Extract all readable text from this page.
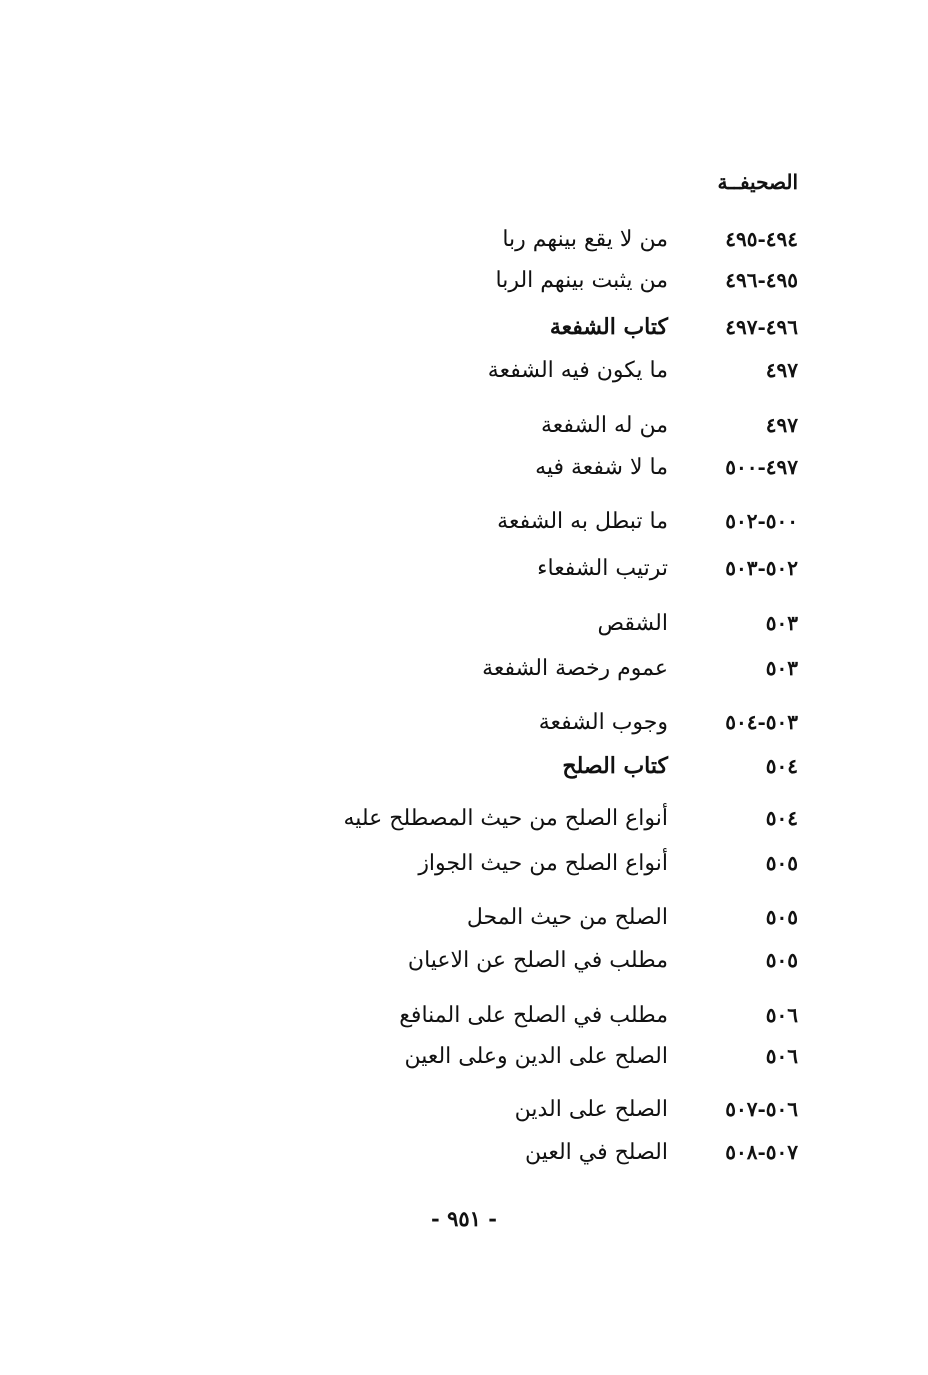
الصحيفــة
٤٩٤-٤٩٥
من لا يقع بينهم ربا
٤٩٥-٤٩٦
من يثبت بينهم الربا
٤٩٦-٤٩٧
كتاب الشفعة
٤٩٧
ما يكون فيه الشفعة
٤٩٧
من له الشفعة
٤٩٧-٥٠٠
ما لا شفعة فيه
٥٠٠-٥٠٢
ما تبطل به الشفعة
٥٠٢-٥٠٣
ترتيب الشفعاء
٥٠٣
الشقص
٥٠٣
عموم رخصة الشفعة
٥٠٣-٥٠٤
وجوب الشفعة
٥٠٤
كتاب الصلح
٥٠٤
أنواع الصلح من حيث المصطلح عليه
٥٠٥
أنواع الصلح من حيث الجواز
٥٠٥
الصلح من حيث المحل
٥٠٥
مطلب في الصلح عن الاعيان
٥٠٦
مطلب في الصلح على المنافع
٥٠٦
الصلح على الدين وعلى العين
٥٠٦-٥٠٧
الصلح على الدين
٥٠٧-٥٠٨
الصلح في العين
- ٩٥١ -
